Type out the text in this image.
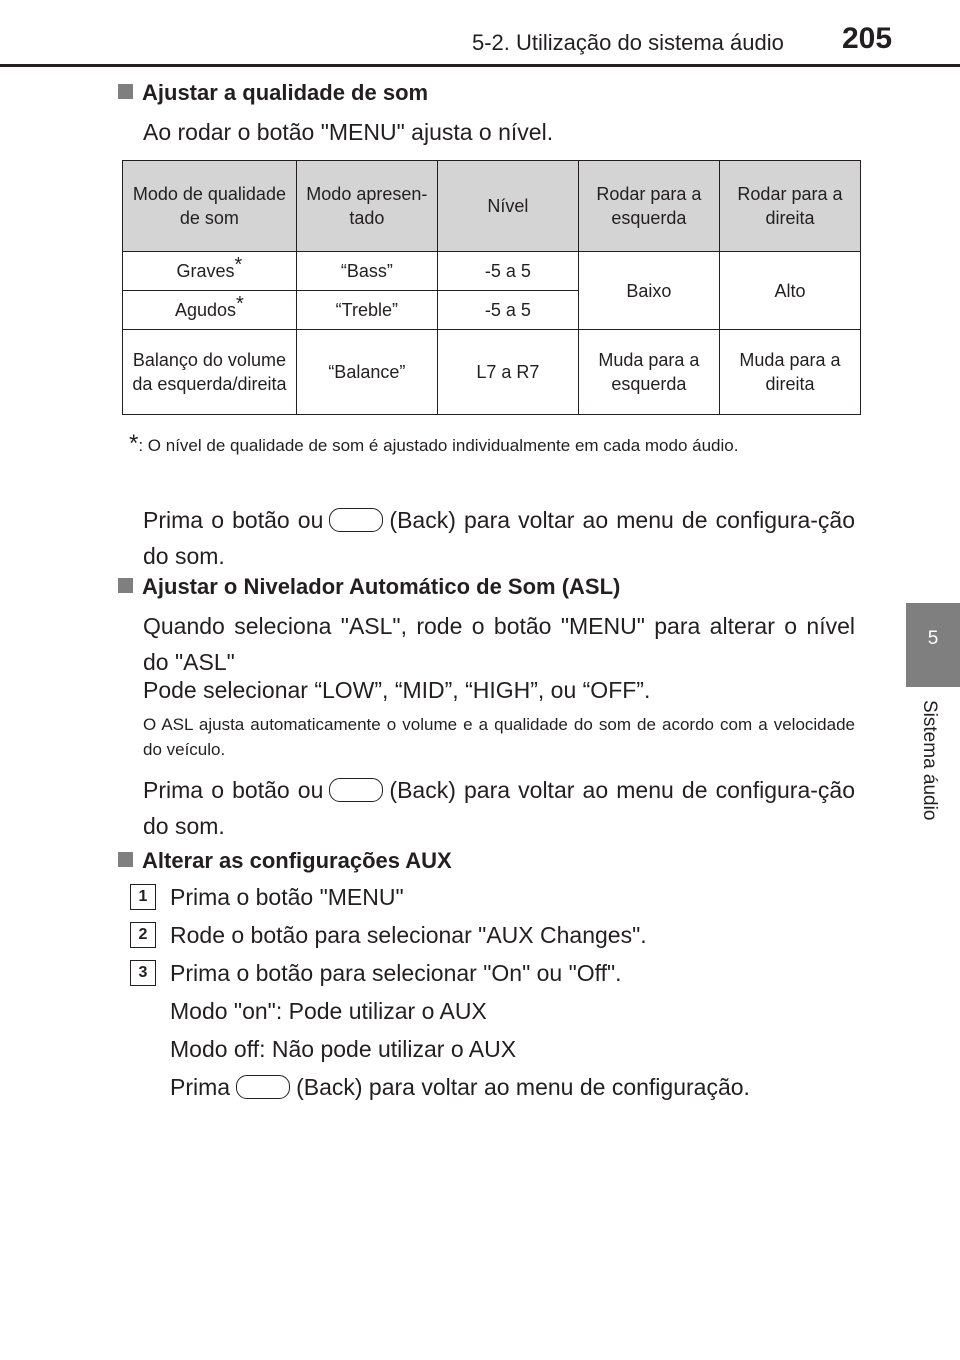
5-2. Utilização do sistema áudio 205
5
Sistema áudio
Ajustar a qualidade de som
Ao rodar o botão "MENU" ajusta o nível.
Modo de qualidade de som	Modo apresen-tado	Nível	Rodar para a esquerda	Rodar para a direita
Graves*	“Bass”	-5 a 5	Baixo	Alto
Agudos*	“Treble”	-5 a 5		
Balanço do volume da esquerda/direita	“Balance”	L7 a R7	Muda para a esquerda	Muda para a direita
*: O nível de qualidade de som é ajustado individualmente em cada modo áudio.
Prima o botão ou	(Back) para voltar ao menu de configura-ção do som.
Ajustar o Nivelador Automático de Som (ASL)
Quando seleciona "ASL", rode o botão "MENU" para alterar o nível do "ASL"
Pode selecionar “LOW”, “MID”, “HIGH”, ou “OFF”.
O ASL ajusta automaticamente o volume e a qualidade do som de acordo com a velocidade do veículo.
Prima o botão ou	(Back) para voltar ao menu de configura-ção do som.
Alterar as configurações AUX
1 Prima o botão "MENU"
2 Rode o botão para selecionar "AUX Changes".
3 Prima o botão para selecionar "On" ou "Off".
Modo "on": Pode utilizar o AUX
Modo off: Não pode utilizar o AUX
Prima	(Back) para voltar ao menu de configuração.
